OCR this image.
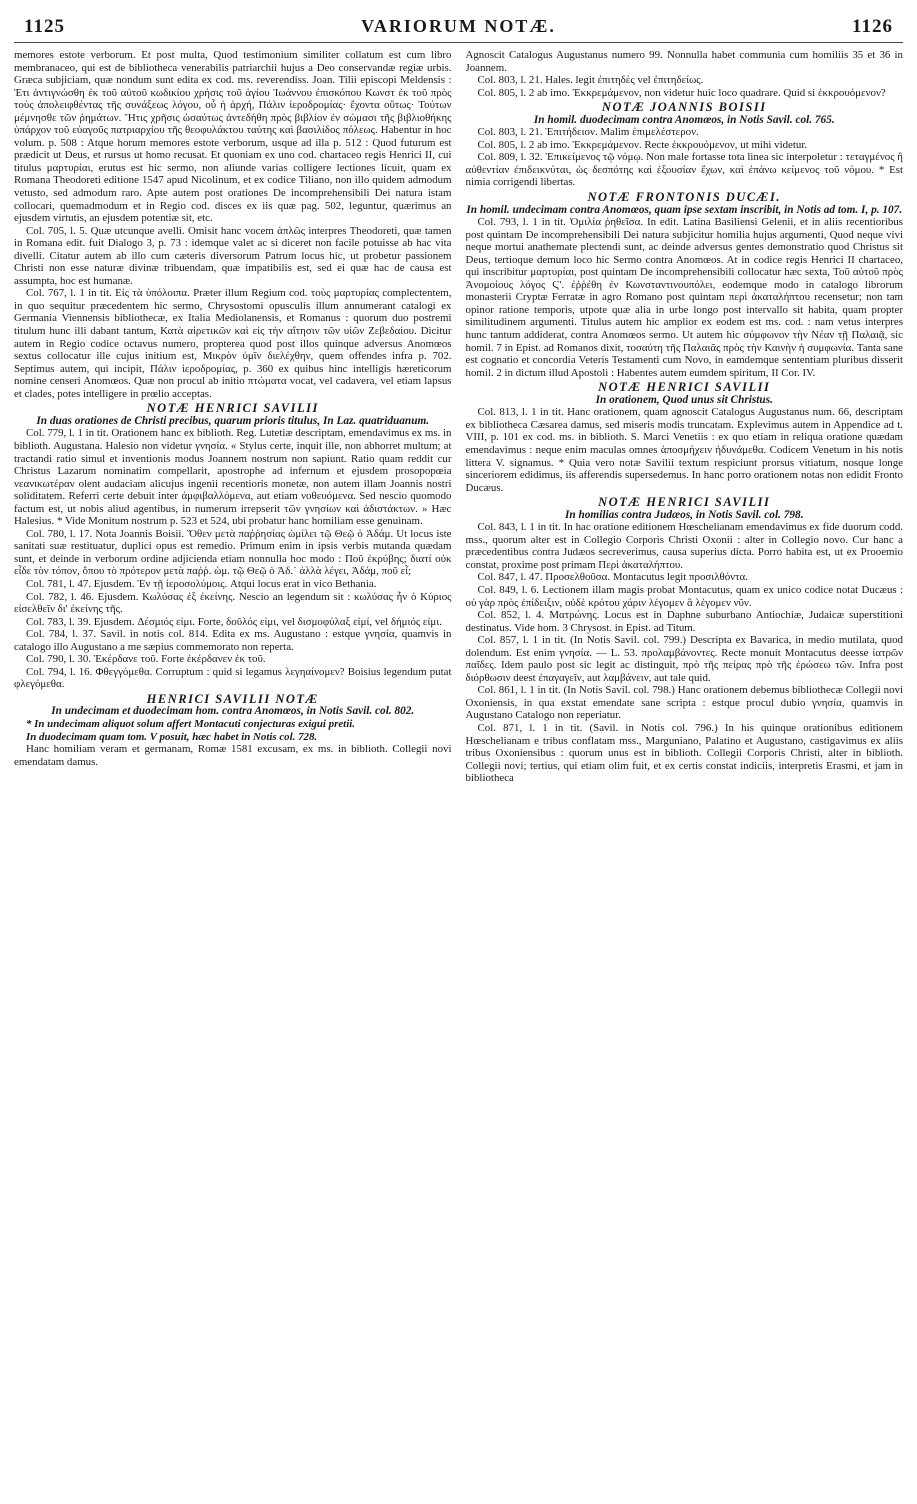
1125	VARIORUM NOTÆ.	1126

memores estote verborum. Et post multa, Quod testimonium similiter collatum est cum libro membranaceo, qui est de bibliotheca venerabilis patriarchii hujus a Deo conservandæ regiæ urbis. Græca subjiciam, quæ nondum sunt edita ex cod. ms. reverendiss. Joan. Tilii episcopi Meldensis : Ἐτι ἀντιγνώσθη ἐκ τοῦ αὐτοῦ κωδικίου χρήσις τοῦ ἁγίου Ἰωάννου ἐπισκόπου Κωνστ ἐκ τοῦ πρὸς τοὺς ἀπολειφθέντας τῆς συνάξεως λόγου, οὗ ἡ ἀρχή, Πάλιν ἱεροδρομίας· ἔχοντα οὕτως· Τούτων μέμνησθε τῶν ῥημάτων. Ἥτις χρῆσις ὡσαύτως ἀντεδήθη πρὸς βιβλίον ἐν σώμασι τῆς βιβλιοθήκης ὑπάρχον τοῦ εὐαγοῦς πατριαρχίου τῆς θεοφυλάκτου ταύτης καὶ βασιλίδος πόλεως. Habentur in hoc volum. p. 508 : Atque horum memores estote verborum, usque ad illa p. 512 : Quod futurum est prædicit ut Deus, et rursus ut homo recusat. Et quoniam ex uno cod. chartaceo regis Henrici II, cui titulus μαρτυρίαι, erutus est hic sermo, non aliunde varias colligere lectiones licuit, quam ex Romana Theodoreti editione 1547 apud Nicolinum, et ex codice Tiliano, non illo quidem admodum vetusto, sed admodum raro. Apte autem post orationes De incomprehensibili Dei natura istam collocari, quemadmodum et in Regio cod. disces ex iis quæ pag. 502, leguntur, quærimus an ejusdem virtutis, an ejusdem potentiæ sit, etc.

Col. 705, l. 5. Quæ utcunque avelli. Omisit hanc vocem ἁπλῶς interpres Theodoreti, quæ tamen in Romana edit. fuit Dialogo 3, p. 73 : idemque valet ac si diceret non facile potuisse ab hac vita divelli. Citatur autem ab illo cum cæteris diversorum Patrum locus hic, ut probetur passionem Christi non esse naturæ divinæ tribuendam, quæ impatibilis est, sed ei quæ hac de causa est assumpta, hoc est humanæ.

Col. 767, l. 1 in tit. Εἰς τὰ ὑπόλοιπα. Præter illum Regium cod. τοὺς μαρτυρίας complectentem, in quo sequitur præcedentem hic sermo, Chrysostomi opusculis illum annumerant catalogi ex Germania Viennensis bibliothecæ, ex Italia Mediolanensis, et Romanus : quorum duo postremi titulum hunc illi dabant tantum, Κατὰ αἱρετικῶν καὶ εἰς τὴν αἴτησιν τῶν υἱῶν Ζεβεδαίου. Dicitur autem in Regio codice octavus numero, propterea quod post illos quinque adversus Anomœos sextus collocatur ille cujus initium est, Μικρὸν ὑμῖν διελέχθην, quem offendes infra p. 702. Septimus autem, qui incipit, Πάλιν ἱεροδρομίας, p. 360 ex quibus hinc intelligis hæreticorum nomine censeri Anomœos. Quæ non procul ab initio πτώματα vocat, vel cadavera, vel etiam lapsus et clades, potes intelligere in prœlio acceptas.

NOTÆ HENRICI SAVILII
In duas orationes de Christi precibus, quarum prioris titulus, In Laz. quatriduanum.

Col. 779, l. 1 in tit. Orationem hanc ex biblioth. Reg. Lutetiæ descriptam, emendavimus ex ms. in biblioth. Augustana. Halesio non videtur γνησία. « Stylus certe, inquit ille, non abhorret multum; at tractandi ratio simul et inventionis modus Joannem nostrum non sapiunt. Ratio quam reddit cur Christus Lazarum nominatim compellarit, apostrophe ad infernum et ejusdem prosopopœia νεανικωτέραν olent audaciam alicujus ingenii recentioris monetæ, non autem illam Joannis nostri soliditatem. Referri certe debuit inter ἀμφιβαλλόμενα, aut etiam νοθευόμενα. Sed nescio quomodo factum est, ut nobis aliud agentibus, in numerum irrepserit τῶν γνησίων καὶ ἀδιστάκτων. » Hæc Halesius. * Vide Monitum nostrum p. 523 et 524, ubi probatur hanc homiliam esse genuinam.

Col. 780, l. 17. Nota Joannis Boisii. Ὅθεν μετὰ παῤῥησίας ὡμίλει τῷ Θεῷ ὁ Ἀδάμ. Ut locus iste sanitati suæ restituatur, duplici opus est remedio. Primum enim in ipsis verbis mutanda quædam sunt, et deinde in verborum ordine adjicienda etiam nonnulla hoc modo : Ποῦ ἐκρύβης; διατί οὐκ εἶδε τὸν τόπον, ὅπου τὸ πρότερον μετὰ παῤῥ. ὡμ. τῷ Θεῷ ὁ Ἀδ.˙ ἀλλὰ λέγει, Ἀδάμ, ποῦ εἶ;

Col. 781, l. 47. Ejusdem. Ἐν τῇ ἱεροσολύμοις. Atqui locus erat in vico Bethania.

Col. 782, l. 46. Ejusdem. Κωλύσας ἐξ ἐκείνης. Nescio an legendum sit : κωλύσας ἦν ὁ Κύριος εἰσελθεῖν δι' ἐκείνης τῆς.

Col. 783, l. 39. Ejusdem. Δέσμιός εἰμι. Forte, δοῦλός εἰμι, vel δισμοφύλαξ εἰμί, vel δήμιός εἰμι.

Col. 784, l. 37. Savil. in notis col. 814. Edita ex ms. Augustano : estque γνησία, quamvis in catalogo illo Augustano a me sæpius commemorato non reperta.

Col. 790, l. 30. Ἐκέρδανε τοῦ. Forte ἐκέρδανεν ἐκ τοῦ.

Col. 794, l. 16. Φθεγγόμεθα. Corruptum : quid si legamus λεγηαίνομεν? Boisius legendum putat φλεγόμεθα.

HENRICI SAVILII NOTÆ
In undecimam et duodecimam hom. contra Anomœos, in Notis Savil. col. 802.

* In undecimam aliquot solum affert Montacuti conjecturas exigui pretii.

In duodecimam quam tom. V posuit, hæc habet in Notis col. 728.

Hanc homiliam veram et germanam, Romæ 1581 excusam, ex ms. in biblioth. Collegii novi emendatam damus.

Agnoscit Catalogus Augustanus numero 99. Nonnulla habet communia cum homiliis 35 et 36 in Joannem.

Col. 803, l. 21. Hales. legit ἐπιτηδὲς vel ἐπιτηδείως.

Col. 805, l. 2 ab imo. Ἐκκρεμάμενον, non videtur huic loco quadrare. Quid si ἐκκρουόμενον?

NOTÆ JOANNIS BOISII
In homil. duodecimam contra Anomœos, in Notis Savil. col. 765.

Col. 803, l. 21. Ἐπιτήδειον. Malim ἐπιμελέστερον.

Col. 805, l. 2 ab imo. Ἐκκρεμάμενον. Recte ἐκκρουόμενον, ut mihi videtur.

Col. 809, l. 32. Ἐπικείμενος τῷ νόμῳ. Non male fortasse tota linea sic interpoletur : τεταγμένος ἢ αὐθεντίαν ἐπιδεικνύται, ὡς δεσπότης καὶ ἐξουσίαν ἔχων, καὶ ἐπάνω κείμενος τοῦ νόμου. * Est nimia corrigendi libertas.

NOTÆ FRONTONIS DUCÆI.
In homil. undecimam contra Anomœos, quam ipse sextam inscribit, in Notis ad tom. I, p. 107.

Col. 793, l. 1 in tit. Ὁμιλία ῥηθεῖσα. In edit. Latina Basiliensi Gelenii, et in aliis recentioribus post quintam De incomprehensibili Dei natura subjicitur homilia hujus argumenti, Quod neque vivi neque mortui anathemate plectendi sunt, ac deinde adversus gentes demonstratio quod Christus sit Deus, tertioque demum loco hic Sermo contra Anomœos. At in codice regis Henrici II chartaceo, qui inscribitur μαρτυρίαι, post quintam De incomprehensibili collocatur hæc sexta, Τοῦ αὐτοῦ πρὸς Ἀνομοίους λόγος Ϛ'. ἐῤῥέθη ἐν Κωνσταντινουπόλει, eodemque modo in catalogo librorum monasterii Cryptæ Ferratæ in agro Romano post quintam περὶ ἀκαταλήπτου recensetur; non tam opinor ratione temporis, utpote quæ alia in urbe longo post intervallo sit habita, quam propter similitudinem argumenti. Titulus autem hic amplior ex eodem est ms. cod. : nam vetus interpres hunc tantum addiderat, contra Anomœos sermo. Ut autem hic σύμφωνον τὴν Νέαν τῇ Παλαιᾷ, sic homil. 7 in Epist. ad Romanos dixit, τοσαύτη τῆς Παλαιᾶς πρὸς τὴν Καινὴν ἡ συμφωνία. Tanta sane est cognatio et concordia Veteris Testamenti cum Novo, in eamdemque sententiam pluribus disserit homil. 2 in dictum illud Apostoli : Habentes autem eumdem spiritum, II Cor. IV.

NOTÆ HENRICI SAVILII
In orationem, Quod unus sit Christus.

Col. 813, l. 1 in tit. Hanc orationem, quam agnoscit Catalogus Augustanus num. 66, descriptam ex bibliotheca Cæsarea damus, sed miseris modis truncatam. Explevimus autem in Appendice ad t. VIII, p. 101 ex cod. ms. in biblioth. S. Marci Venetiis : ex quo etiam in reliqua oratione quædam emendavimus : neque enim maculas omnes ἀποσμήχειν ἠδυνάμεθα. Codicem Venetum in his notis littera V. signamus. * Quia vero notæ Savilii textum respiciunt prorsus vitiatum, nosque longe sinceriorem edidimus, iis afferendis supersedemus. In hanc porro orationem notas non edidit Fronto Ducæus.

NOTÆ HENRICI SAVILII
In homilias contra Judæos, in Notis Savil. col. 798.

Col. 843, l. 1 in tit. In hac oratione editionem Hœschelianam emendavimus ex fide duorum codd. mss., quorum alter est in Collegio Corporis Christi Oxonii : alter in Collegio novo. Cur hanc a præcedentibus contra Judæos secreverimus, causa superius dicta. Porro habita est, ut ex Prooemio constat, proxime post primam Περὶ ἀκαταλήπτου.

Col. 847, l. 47. Προσελθοῦσα. Montacutus legit προσιλθόντα.

Col. 849, l. 6. Lectionem illam magis probat Montacutus, quam ex unico codice notat Ducæus : οὐ γὰρ πρὸς ἐπίδειξιν, οὐδὲ κρότου χάριν λέγομεν ἃ λέγομεν νῦν.

Col. 852, l. 4. Ματρώνης. Locus est in Daphne suburbano Antiochiæ, Judaicæ superstitioni destinatus. Vide hom. 3 Chrysost. in Epist. ad Titum.

Col. 857, l. 1 in tit. (In Notis Savil. col. 799.) Descripta ex Bavarica, in medio mutilata, quod dolendum. Est enim γνησία. — L. 53. προλαμβάνοντες. Recte monuit Montacutus deesse ἰατρῶν παῖδες. Idem paulo post sic legit ac distinguit, πρὸ τῆς πείρας πρὸ τῆς ἐρώσεω τῶν. Infra post διόρθωσιν deest ἐπαγαγεῖν, aut λαμβάνειν, aut tale quid.

Col. 861, l. 1 in tit. (In Notis Savil. col. 798.) Hanc orationem debemus bibliothecæ Collegii novi Oxoniensis, in qua exstat emendate sane scripta : estque procul dubio γνησία, quamvis in Augustano Catalogo non reperiatur.

Col. 871, l. 1 in tit. (Savil. in Notis col. 796.) In his quinque orationibus editionem Hœschelianam e tribus conflatam mss., Marguniano, Palatino et Augustano, castigavimus ex aliis tribus Oxoniensibus : quorum unus est in biblioth. Collegii Corporis Christi, alter in biblioth. Collegii novi; tertius, qui etiam olim fuit, et ex certis constat indiciis, interpretis Erasmi, et jam in bibliotheca
